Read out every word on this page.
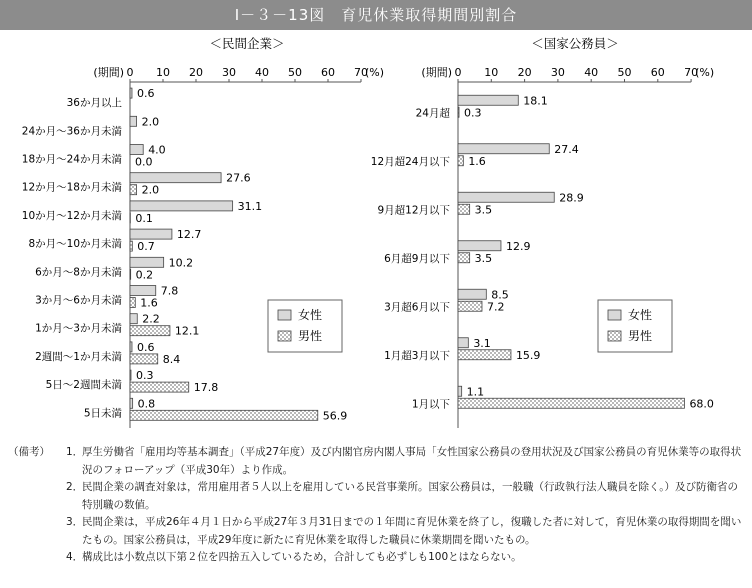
Ⅰ－３－13図　育児休業取得期間別割合
＜民間企業＞
(期間) 0 10 20 30 40 50 60 70
(%)
36か月以上
0.6
24か月～36か月未満
2.0
18か月～24か月未満
4.0
0.0
12か月～18か月未満
27.6
2.0
10か月～12か月未満
31.1
0.1
8か月～10か月未満
12.7
0.7
6か月～8か月未満
10.2
0.2
3か月～6か月未満
7.8
1.6
1か月～3か月未満
2.2
12.1
2週間～1か月未満
0.6
8.4
5日～2週間未満
0.3
17.8
5日未満
0.8
56.9
女性
男性
＜国家公務員＞
(期間) 0 10 20 30 40 50 60 70
(%)
24月超
18.1
0.3
12月超24月以下
27.4
1.6
9月超12月以下
28.9
3.5
6月超9月以下
12.9
3.5
3月超6月以下
8.5
7.2
1月超3月以下
3.1
15.9
1月以下
1.1
68.0
女性
男性
（備考）	1．
厚生労働省「雇用均等基本調査」（平成27年度）及び内閣官房内閣人事局「女性国家公務員の登用状況及び国家公務員の育児休業等の取得状況のフォローアップ（平成30年）より作成。
2．
民間企業の調査対象は，常用雇用者５人以上を雇用している民営事業所。国家公務員は，一般職（行政執行法人職員を除く。）及び防衛省の特別職の数値。
3．
民間企業は，平成26年４月１日から平成27年３月31日までの１年間に育児休業を終了し，復職した者に対して，育児休業の取得期間を聞いたもの。国家公務員は，平成29年度に新たに育児休業を取得した職員に休業期間を聞いたもの。
4．
構成比は小数点以下第２位を四捨五入しているため，合計しても必ずしも100とはならない。
